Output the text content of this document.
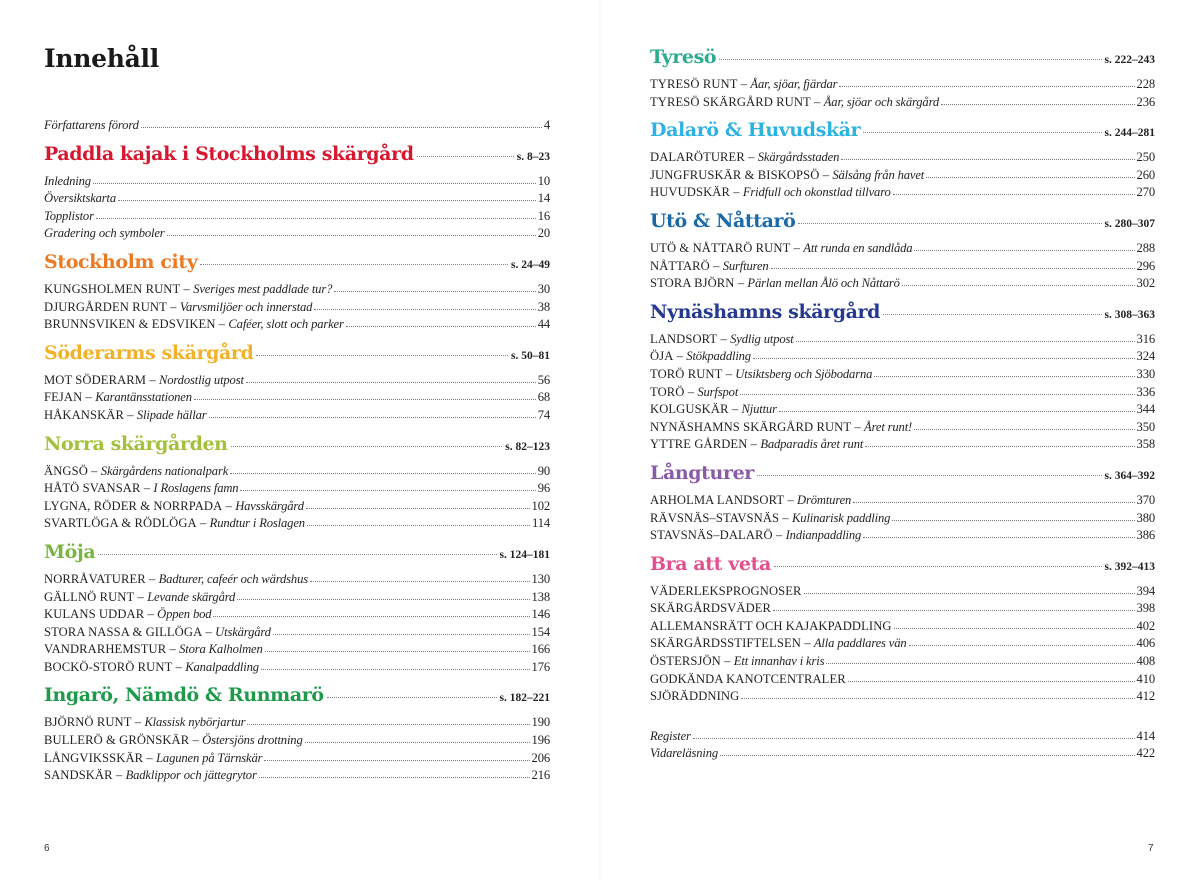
Innehåll
Författarens förord	4
Paddla kajak i Stockholms skärgård	s. 8–23
Inledning	10
Översiktskarta	14
Topplistor	16
Gradering och symboler	20
Stockholm city	s. 24–49
KUNGSHOLMEN RUNT – Sveriges mest paddlade tur?	30
DJURGÅRDEN RUNT – Varvsmiljöer och innerstad	38
BRUNNSVIKEN & EDSVIKEN – Caféer, slott och parker	44
Söderarms skärgård	s. 50–81
MOT SÖDERARM – Nordostlig utpost	56
FEJAN – Karantänsstationen	68
HÅKANSKÄR – Slipade hällar	74
Norra skärgården	s. 82–123
ÄNGSÖ – Skärgårdens nationalpark	90
HÅTÖ SVANSAR – I Roslagens famn	96
LYGNA, RÖDER & NORRPADA – Havsskärgård	102
SVARTLÖGA & RÖDLÖGA – Rundtur i Roslagen	114
Möja	s. 124–181
NORRÅVATURER – Badturer, cafeér och wärdshus	130
GÄLLNÖ RUNT – Levande skärgård	138
KULANS UDDAR – Öppen bod	146
STORA NASSA & GILLÖGA – Utskärgård	154
VANDRARHEMSTUR – Stora Kalholmen	166
BOCKÖ-STORÖ RUNT – Kanalpaddling	176
Ingarö, Nämdö & Runmarö	s. 182–221
BJÖRNÖ RUNT – Klassisk nybörjartur	190
BULLERÖ & GRÖNSKÄR – Östersjöns drottning	196
LÅNGVIKSSKÄR – Lagunen på Tärnskär	206
SANDSKÄR – Badklippor och jättegrytor	216
6
Tyresö	s. 222–243
TYRESÖ RUNT – Åar, sjöar, fjärdar	228
TYRESÖ SKÄRGÅRD RUNT – Åar, sjöar och skärgård	236
Dalarö & Huvudskär	s. 244–281
DALARÖTURER – Skärgårdsstaden	250
JUNGFRUSKÄR & BISKOPSÖ – Sälsång från havet	260
HUVUDSKÄR – Fridfull och okonstlad tillvaro	270
Utö & Nåttarö	s. 280–307
UTÖ & NÅTTARÖ RUNT – Att runda en sandlåda	288
NÅTTARÖ – Surfturen	296
STORA BJÖRN – Pärlan mellan Ålö och Nåttarö	302
Nynäshamns skärgård	s. 308–363
LANDSORT – Sydlig utpost	316
ÖJA – Stökpaddling	324
TORÖ RUNT – Utsiktsberg och Sjöbodarna	330
TORÖ – Surfspot	336
KOLGUSKÄR – Njuttur	344
NYNÄSHAMNS SKÄRGÅRD RUNT – Året runt!	350
YTTRE GÅRDEN – Badparadis året runt	358
Långturer	s. 364–392
ARHOLMA LANDSORT – Drömturen	370
RÄVSNÄS–STAVSNÄS – Kulinarisk paddling	380
STAVSNÄS–DALARÖ – Indianpaddling	386
Bra att veta	s. 392–413
VÄDERLEKSPROGNOSER	394
SKÄRGÅRDSVÄDER	398
ALLEMANSRÄTT OCH KAJAKPADDLING	402
SKÄRGÅRDSSTIFTELSEN – Alla paddlares vän	406
ÖSTERSJÖN – Ett innanhav i kris	408
GODKÄNDA KANOTCENTRALER	410
SJÖRÄDDNING	412
Register	414
Vidareläsning	422
7
